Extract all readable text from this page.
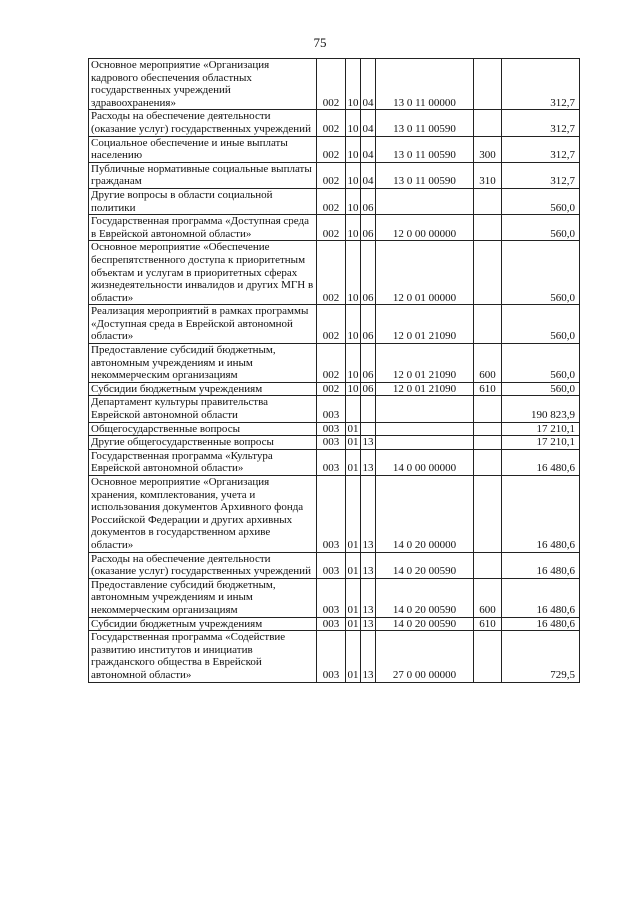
75
Основное мероприятие «Организация кадрового обеспечения областных государственных учреждений здравоохранения»	002	10	04	13 0 11 00000		312,7
Расходы на обеспечение деятельности (оказание услуг) государственных учреждений	002	10	04	13 0 11 00590		312,7
Социальное обеспечение и иные выплаты населению	002	10	04	13 0 11 00590	300	312,7
Публичные нормативные социальные выплаты гражданам	002	10	04	13 0 11 00590	310	312,7
Другие вопросы в области социальной политики	002	10	06			560,0
Государственная программа «Доступная среда в Еврейской автономной области»	002	10	06	12 0 00 00000		560,0
Основное мероприятие «Обеспечение беспрепятственного доступа к приоритетным объектам и услугам в приоритетных сферах жизнедеятельности инвалидов и других МГН в области»	002	10	06	12 0 01 00000		560,0
Реализация мероприятий в рамках программы «Доступная среда в Еврейской автономной области»	002	10	06	12 0 01 21090		560,0
Предоставление субсидий бюджетным, автономным учреждениям и иным некоммерческим организациям	002	10	06	12 0 01 21090	600	560,0
Субсидии бюджетным учреждениям	002	10	06	12 0 01 21090	610	560,0
Департамент культуры правительства Еврейской автономной области	003					190 823,9
Общегосударственные вопросы	003	01				17 210,1
Другие общегосударственные вопросы	003	01	13			17 210,1
Государственная программа «Культура Еврейской автономной области»	003	01	13	14 0 00 00000		16 480,6
Основное мероприятие «Организация хранения, комплектования, учета и использования документов Архивного фонда Российской Федерации и других архивных документов в государственном архиве области»	003	01	13	14 0 20 00000		16 480,6
Расходы на обеспечение деятельности (оказание услуг) государственных учреждений	003	01	13	14 0 20 00590		16 480,6
Предоставление субсидий бюджетным, автономным учреждениям и иным некоммерческим организациям	003	01	13	14 0 20 00590	600	16 480,6
Субсидии бюджетным учреждениям	003	01	13	14 0 20 00590	610	16 480,6
Государственная программа «Содействие развитию институтов и инициатив гражданского общества в Еврейской автономной области»	003	01	13	27 0 00 00000		729,5
